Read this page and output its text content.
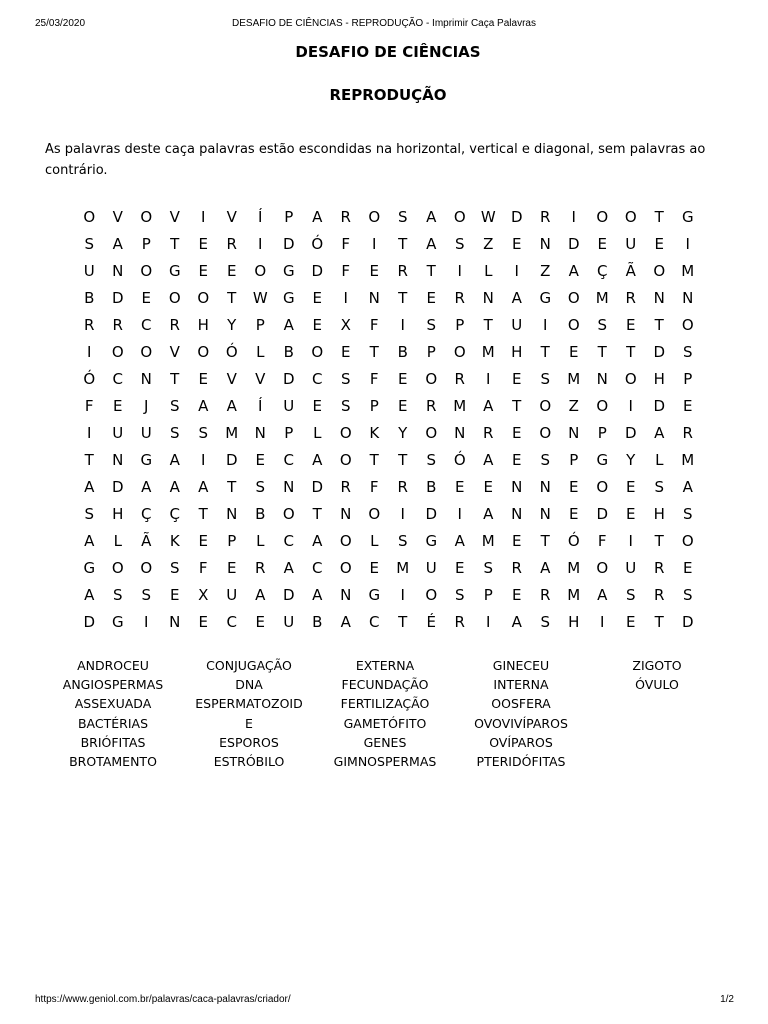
25/03/2020	DESAFIO DE CIÊNCIAS - REPRODUÇÃO - Imprimir Caça Palavras
DESAFIO DE CIÊNCIAS
REPRODUÇÃO
As palavras deste caça palavras estão escondidas na horizontal, vertical e diagonal, sem palavras ao contrário.
O	V	O	V	I	V	Í	P	A	R	O	S	A	O	W	D	R	I	O	O	T	G
S	A	P	T	E	R	I	D	Ó	F	I	T	A	S	Z	E	N	D	E	U	E	I
U	N	O	G	E	E	O	G	D	F	E	R	T	I	L	I	Z	A	Ç	Ã	O	M
B	D	E	O	O	T	W	G	E	I	N	T	E	R	N	A	G	O	M	R	N	N
R	R	C	R	H	Y	P	A	E	X	F	I	S	P	T	U	I	O	S	E	T	O
I	O	O	V	O	Ó	L	B	O	E	T	B	P	O	M	H	T	E	T	T	D	S
Ó	C	N	T	E	V	V	D	C	S	F	E	O	R	I	E	S	M	N	O	H	P
F	E	J	S	A	A	Í	U	E	S	P	E	R	M	A	T	O	Z	O	I	D	E
I	U	U	S	S	M	N	P	L	O	K	Y	O	N	R	E	O	N	P	D	A	R
T	N	G	A	I	D	E	C	A	O	T	T	S	Ó	A	E	S	P	G	Y	L	M
A	D	A	A	A	T	S	N	D	R	F	R	B	E	E	N	N	E	O	E	S	A
S	H	Ç	Ç	T	N	B	O	T	N	O	I	D	I	A	N	N	E	D	E	H	S
A	L	Ã	K	E	P	L	C	A	O	L	S	G	A	M	E	T	Ó	F	I	T	O
G	O	O	S	F	E	R	A	C	O	E	M	U	E	S	R	A	M	O	U	R	E
A	S	S	E	X	U	A	D	A	N	G	I	O	S	P	E	R	M	A	S	R	S
D	G	I	N	E	C	E	U	B	A	C	T	É	R	I	A	S	H	I	E	T	D
ANDROCEU
ANGIOSPERMAS
ASSEXUADA
BACTÉRIAS
BRIÓFITAS
BROTAMENTO
CONJUGAÇÃO
DNA
ESPERMATOZOID
E
ESPOROS
ESTRÓBILO
EXTERNA
FECUNDAÇÃO
FERTILIZAÇÃO
GAMETÓFITO
GENES
GIMNOSPERMAS
GINECEU
INTERNA
OOSFERA
OVOVIVÍPAROS
OVÍPAROS
PTERIDÓFITAS
ZIGOTO
ÓVULO
https://www.geniol.com.br/palavras/caca-palavras/criador/	1/2
